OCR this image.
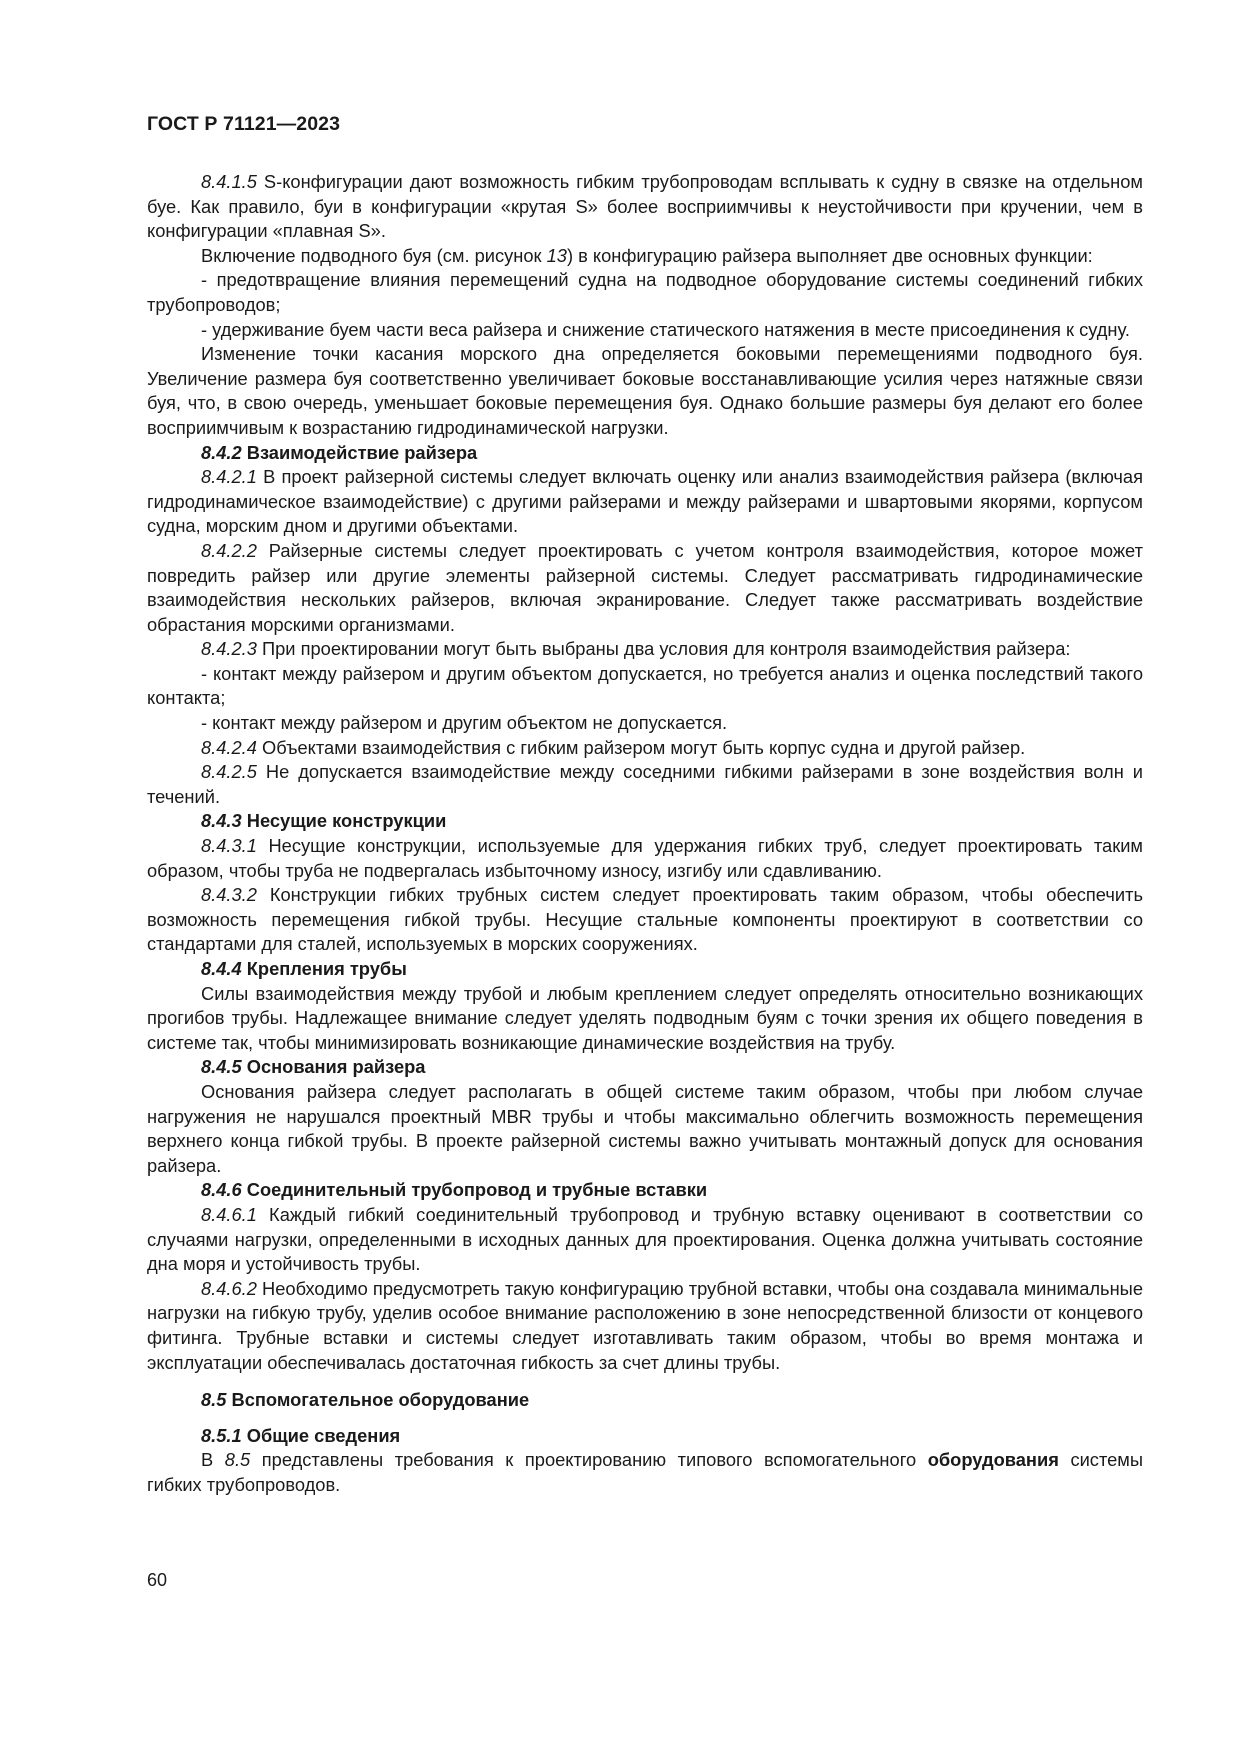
ГОСТ Р 71121—2023

8.4.1.5 S-конфигурации дают возможность гибким трубопроводам всплывать к судну в связке на отдельном буе. Как правило, буи в конфигурации «крутая S» более восприимчивы к неустойчивости при кручении, чем в конфигурации «плавная S».

Включение подводного буя (см. рисунок 13) в конфигурацию райзера выполняет две основных функции:

- предотвращение влияния перемещений судна на подводное оборудование системы соединений гибких трубопроводов;

- удерживание буем части веса райзера и снижение статического натяжения в месте присоединения к судну.

Изменение точки касания морского дна определяется боковыми перемещениями подводного буя. Увеличение размера буя соответственно увеличивает боковые восстанавливающие усилия через натяжные связи буя, что, в свою очередь, уменьшает боковые перемещения буя. Однако большие размеры буя делают его более восприимчивым к возрастанию гидродинамической нагрузки.

8.4.2 Взаимодействие райзера

8.4.2.1 В проект райзерной системы следует включать оценку или анализ взаимодействия райзера (включая гидродинамическое взаимодействие) с другими райзерами и между райзерами и швартовыми якорями, корпусом судна, морским дном и другими объектами.

8.4.2.2 Райзерные системы следует проектировать с учетом контроля взаимодействия, которое может повредить райзер или другие элементы райзерной системы. Следует рассматривать гидродинамические взаимодействия нескольких райзеров, включая экранирование. Следует также рассматривать воздействие обрастания морскими организмами.

8.4.2.3 При проектировании могут быть выбраны два условия для контроля взаимодействия райзера:

- контакт между райзером и другим объектом допускается, но требуется анализ и оценка последствий такого контакта;

- контакт между райзером и другим объектом не допускается.

8.4.2.4 Объектами взаимодействия с гибким райзером могут быть корпус судна и другой райзер.

8.4.2.5 Не допускается взаимодействие между соседними гибкими райзерами в зоне воздействия волн и течений.

8.4.3 Несущие конструкции

8.4.3.1 Несущие конструкции, используемые для удержания гибких труб, следует проектировать таким образом, чтобы труба не подвергалась избыточному износу, изгибу или сдавливанию.

8.4.3.2 Конструкции гибких трубных систем следует проектировать таким образом, чтобы обеспечить возможность перемещения гибкой трубы. Несущие стальные компоненты проектируют в соответствии со стандартами для сталей, используемых в морских сооружениях.

8.4.4 Крепления трубы

Силы взаимодействия между трубой и любым креплением следует определять относительно возникающих прогибов трубы. Надлежащее внимание следует уделять подводным буям с точки зрения их общего поведения в системе так, чтобы минимизировать возникающие динамические воздействия на трубу.

8.4.5 Основания райзера

Основания райзера следует располагать в общей системе таким образом, чтобы при любом случае нагружения не нарушался проектный MBR трубы и чтобы максимально облегчить возможность перемещения верхнего конца гибкой трубы. В проекте райзерной системы важно учитывать монтажный допуск для основания райзера.

8.4.6 Соединительный трубопровод и трубные вставки

8.4.6.1 Каждый гибкий соединительный трубопровод и трубную вставку оценивают в соответствии со случаями нагрузки, определенными в исходных данных для проектирования. Оценка должна учитывать состояние дна моря и устойчивость трубы.

8.4.6.2 Необходимо предусмотреть такую конфигурацию трубной вставки, чтобы она создавала минимальные нагрузки на гибкую трубу, уделив особое внимание расположению в зоне непосредственной близости от концевого фитинга. Трубные вставки и системы следует изготавливать таким образом, чтобы во время монтажа и эксплуатации обеспечивалась достаточная гибкость за счет длины трубы.

8.5 Вспомогательное оборудование

8.5.1 Общие сведения

В 8.5 представлены требования к проектированию типового вспомогательного оборудования системы гибких трубопроводов.

60
